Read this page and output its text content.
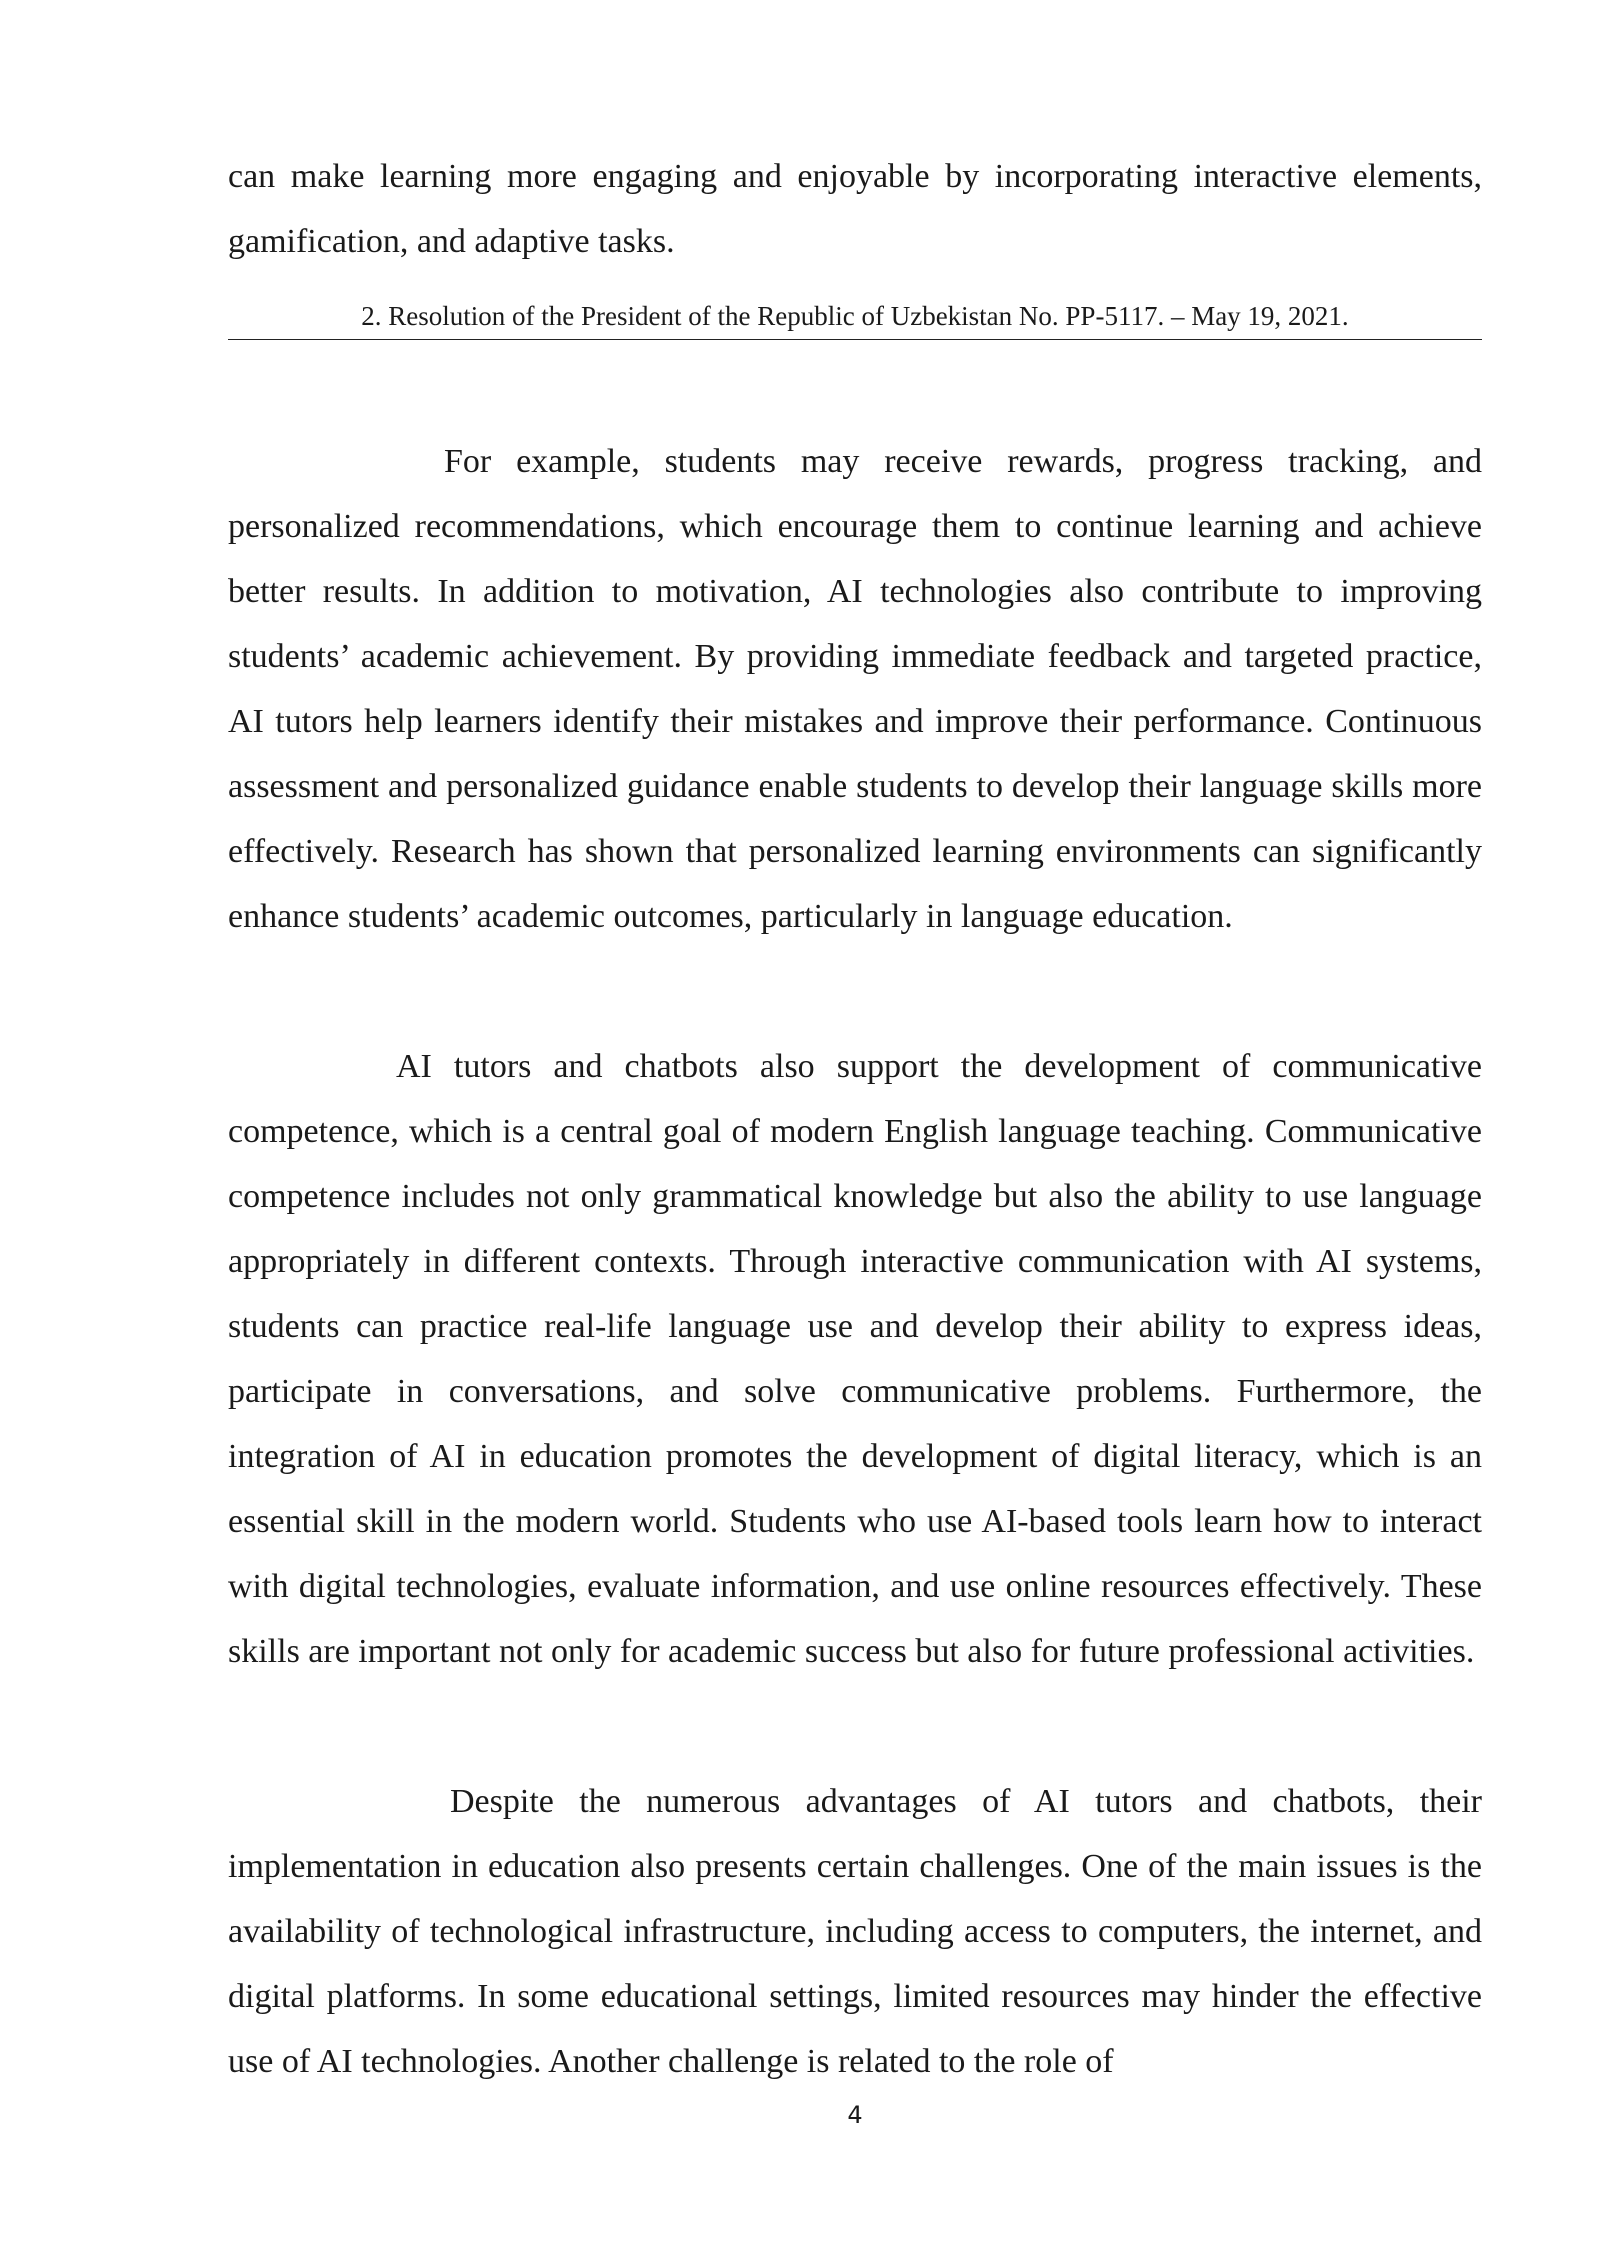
can make learning more engaging and enjoyable by incorporating interactive elements, gamification, and adaptive tasks.

2. Resolution of the President of the Republic of Uzbekistan No. PP-5117. – May 19, 2021.

For example, students may receive rewards, progress tracking, and personalized recommendations, which encourage them to continue learning and achieve better results. In addition to motivation, AI technologies also contribute to improving students’ academic achievement. By providing immediate feedback and targeted practice, AI tutors help learners identify their mistakes and improve their performance. Continuous assessment and personalized guidance enable students to develop their language skills more effectively. Research has shown that personalized learning environments can significantly enhance students’ academic outcomes, particularly in language education.

AI tutors and chatbots also support the development of communicative competence, which is a central goal of modern English language teaching. Communicative competence includes not only grammatical knowledge but also the ability to use language appropriately in different contexts. Through interactive communication with AI systems, students can practice real-life language use and develop their ability to express ideas, participate in conversations, and solve communicative problems. Furthermore, the integration of AI in education promotes the development of digital literacy, which is an essential skill in the modern world. Students who use AI-based tools learn how to interact with digital technologies, evaluate information, and use online resources effectively. These skills are important not only for academic success but also for future professional activities.

Despite the numerous advantages of AI tutors and chatbots, their implementation in education also presents certain challenges. One of the main issues is the availability of technological infrastructure, including access to computers, the internet, and digital platforms. In some educational settings, limited resources may hinder the effective use of AI technologies. Another challenge is related to the role of

4
